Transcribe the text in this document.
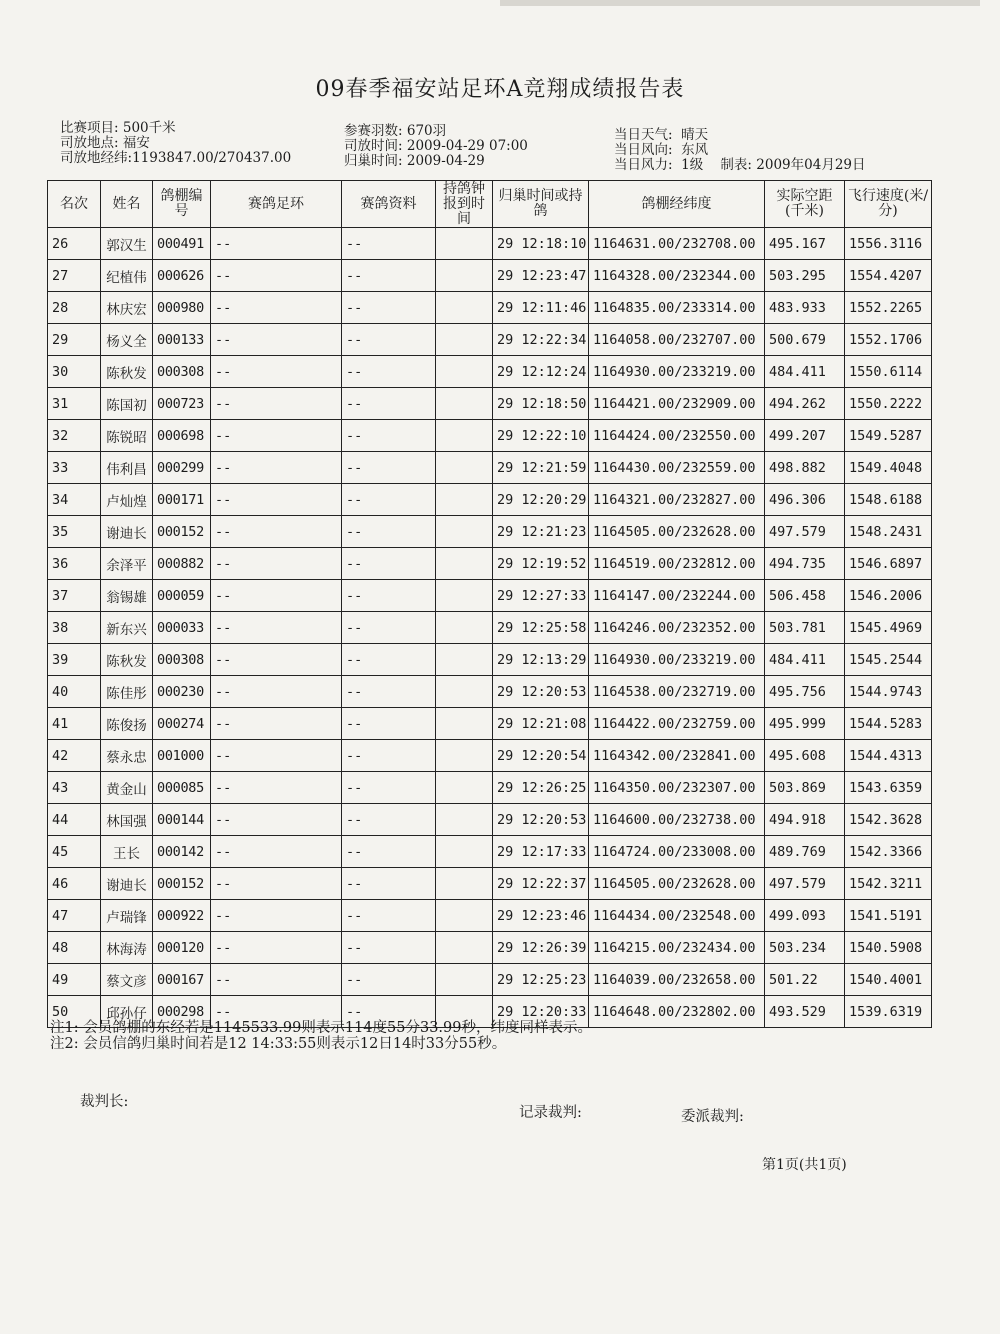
09春季福安站足环A竞翔成绩报告表
比赛项目: 500千米
司放地点: 福安
司放地经纬:1193847.00/270437.00
参赛羽数: 670羽
司放时间: 2009-04-29 07:00
归巢时间: 2009-04-29
当日天气: 晴天
当日风向: 东风
当日风力: 1级 制表: 2009年04月29日
名次	姓名	鸽棚编号	赛鸽足环	赛鸽资料	持鸽钟报到时间	归巢时间或持鸽	鸽棚经纬度	实际空距(千米)	飞行速度(米/分)
26	郭汉生	000491	--	--		29 12:18:10	1164631.00/232708.00	495.167	1556.3116
27	纪植伟	000626	--	--		29 12:23:47	1164328.00/232344.00	503.295	1554.4207
28	林庆宏	000980	--	--		29 12:11:46	1164835.00/233314.00	483.933	1552.2265
29	杨义全	000133	--	--		29 12:22:34	1164058.00/232707.00	500.679	1552.1706
30	陈秋发	000308	--	--		29 12:12:24	1164930.00/233219.00	484.411	1550.6114
31	陈国初	000723	--	--		29 12:18:50	1164421.00/232909.00	494.262	1550.2222
32	陈锐昭	000698	--	--		29 12:22:10	1164424.00/232550.00	499.207	1549.5287
33	伟利昌	000299	--	--		29 12:21:59	1164430.00/232559.00	498.882	1549.4048
34	卢灿煌	000171	--	--		29 12:20:29	1164321.00/232827.00	496.306	1548.6188
35	谢迪长	000152	--	--		29 12:21:23	1164505.00/232628.00	497.579	1548.2431
36	余泽平	000882	--	--		29 12:19:52	1164519.00/232812.00	494.735	1546.6897
37	翁锡雄	000059	--	--		29 12:27:33	1164147.00/232244.00	506.458	1546.2006
38	新东兴	000033	--	--		29 12:25:58	1164246.00/232352.00	503.781	1545.4969
39	陈秋发	000308	--	--		29 12:13:29	1164930.00/233219.00	484.411	1545.2544
40	陈佳彤	000230	--	--		29 12:20:53	1164538.00/232719.00	495.756	1544.9743
41	陈俊扬	000274	--	--		29 12:21:08	1164422.00/232759.00	495.999	1544.5283
42	蔡永忠	001000	--	--		29 12:20:54	1164342.00/232841.00	495.608	1544.4313
43	黄金山	000085	--	--		29 12:26:25	1164350.00/232307.00	503.869	1543.6359
44	林国强	000144	--	--		29 12:20:53	1164600.00/232738.00	494.918	1542.3628
45	王长	000142	--	--		29 12:17:33	1164724.00/233008.00	489.769	1542.3366
46	谢迪长	000152	--	--		29 12:22:37	1164505.00/232628.00	497.579	1542.3211
47	卢瑞锋	000922	--	--		29 12:23:46	1164434.00/232548.00	499.093	1541.5191
48	林海涛	000120	--	--		29 12:26:39	1164215.00/232434.00	503.234	1540.5908
49	蔡文彦	000167	--	--		29 12:25:23	1164039.00/232658.00	501.22	1540.4001
50	邱孙仔	000298	--	--		29 12:20:33	1164648.00/232802.00	493.529	1539.6319
注1: 会员鸽棚的东经若是1145533.99则表示114度55分33.99秒，纬度同样表示。
注2: 会员信鸽归巢时间若是12 14:33:55则表示12日14时33分55秒。
裁判长:
记录裁判:	委派裁判:
第1页(共1页)
